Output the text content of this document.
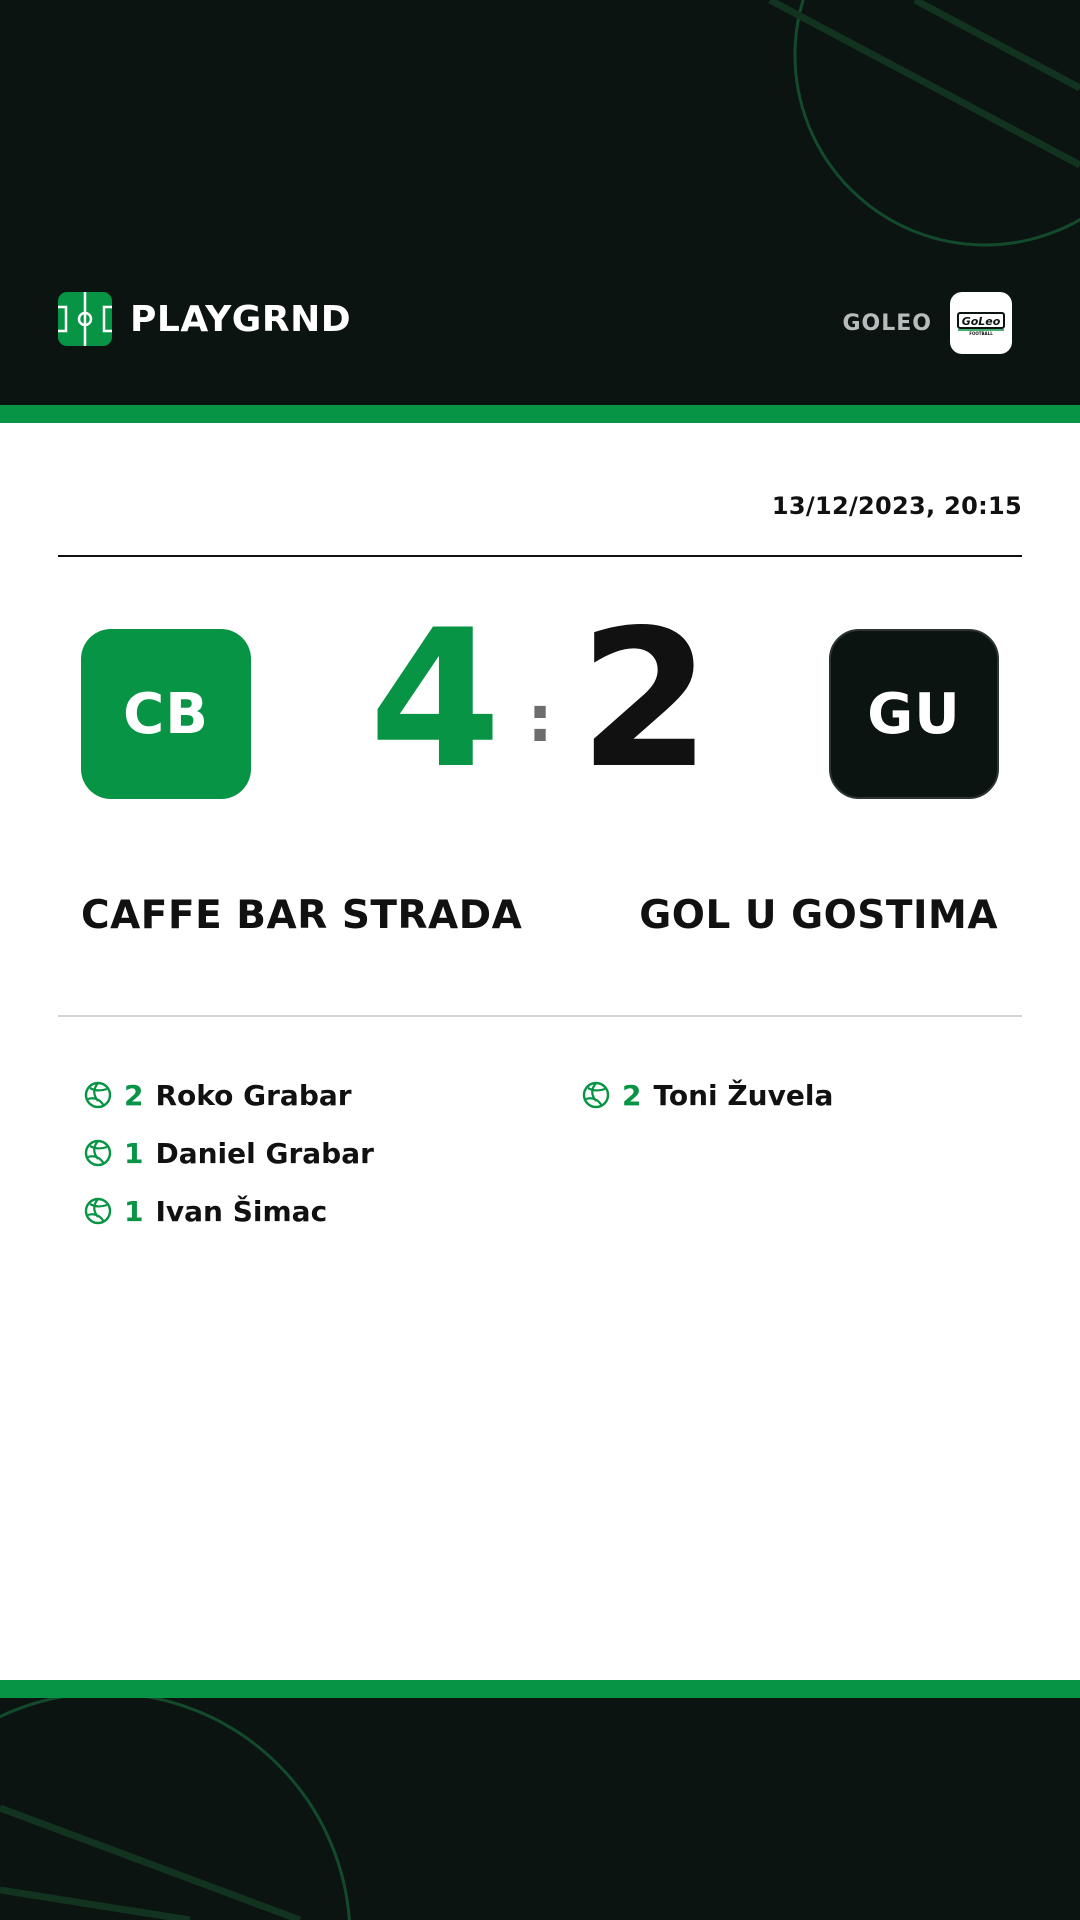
PLAYGRND	GOLEO	GoLeo
FOOTBALL
13/12/2023, 20:15
CB 4 : 2	GU
CAFFE BAR STRADA	GOL U GOSTIMA
2 Roko Grabar
1 Daniel Grabar
1 Ivan Šimac
2 Toni Žuvela
